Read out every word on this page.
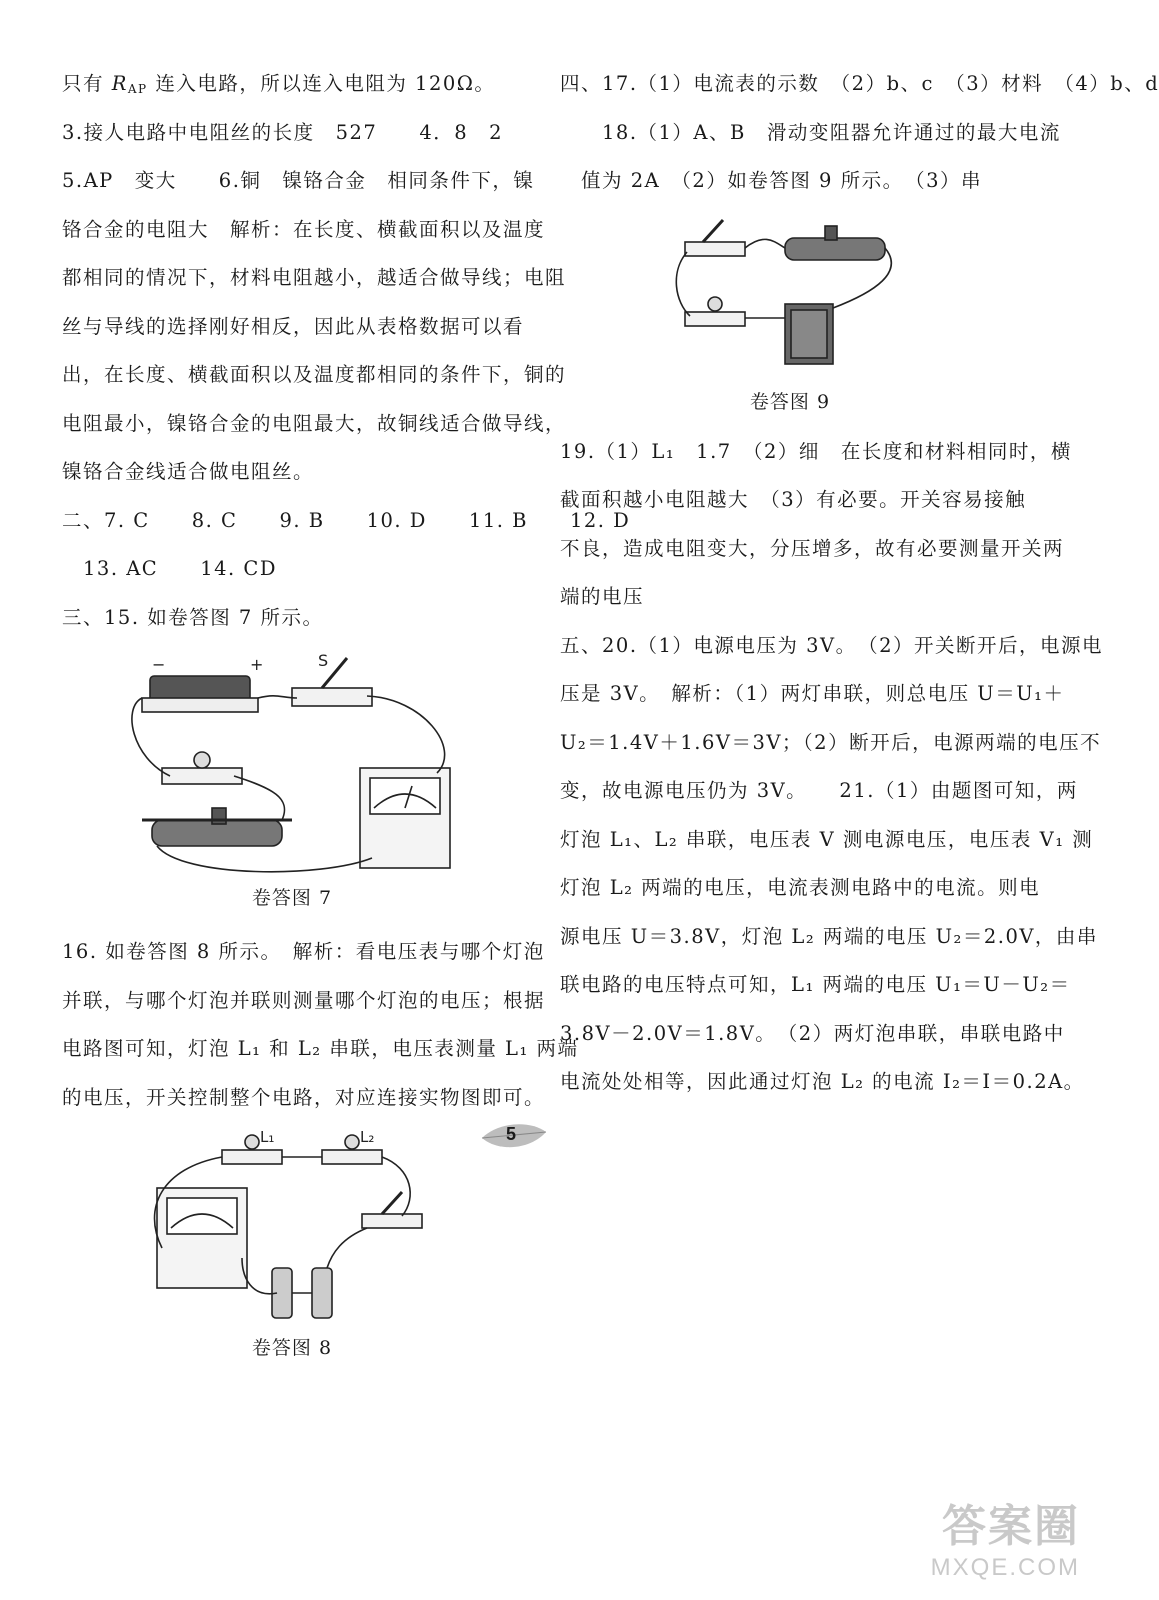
只有 $R_{AP}$ 连入电路，所以连入电阻为 120Ω。
3.接人电路中电阻丝的长度　527　　4．8　2
5.AP　变大　　6.铜　镍铬合金　相同条件下，镍
铬合金的电阻大　解析：在长度、横截面积以及温度
都相同的情况下，材料电阻越小，越适合做导线；电阻
丝与导线的选择刚好相反，因此从表格数据可以看
出，在长度、横截面积以及温度都相同的条件下，铜的
电阻最小，镍铬合金的电阻最大，故铜线适合做导线，
镍铬合金线适合做电阻丝。
二、7. C　　8. C　　9. B　　10. D　　11. B　　12. D
　13. AC　　14. CD
三、15. 如卷答图 7 所示。
−	+	S
卷答图 7
16. 如卷答图 8 所示。　解析：看电压表与哪个灯泡
并联，与哪个灯泡并联则测量哪个灯泡的电压；根据
电路图可知，灯泡 L₁ 和 L₂ 串联，电压表测量 L₁ 两端
的电压，开关控制整个电路，对应连接实物图即可。
L₁	L₂
卷答图 8
四、17.（1）电流表的示数　（2）b、c　（3）材料　（4）b、d
　　18.（1）A、B　滑动变阻器允许通过的最大电流
　值为 2A　（2）如卷答图 9 所示。　（3）串
卷答图 9
19.（1）L₁　1.7　（2）细　在长度和材料相同时，横
截面积越小电阻越大　（3）有必要。开关容易接触
不良，造成电阻变大，分压增多，故有必要测量开关两
端的电压
五、20.（1）电源电压为 3V。　（2）开关断开后，电源电
压是 3V。　解析：（1）两灯串联，则总电压 U＝U₁＋
U₂＝1.4V＋1.6V＝3V；（2）断开后，电源两端的电压不
变，故电源电压仍为 3V。　　21.（1）由题图可知，两
灯泡 L₁、L₂ 串联，电压表 V 测电源电压，电压表 V₁ 测
灯泡 L₂ 两端的电压，电流表测电路中的电流。则电
源电压 U＝3.8V，灯泡 L₂ 两端的电压 U₂＝2.0V，由串
联电路的电压特点可知，L₁ 两端的电压 U₁＝U－U₂＝
3.8V－2.0V＝1.8V。　（2）两灯泡串联，串联电路中
电流处处相等，因此通过灯泡 L₂ 的电流 I₂＝I＝0.2A。
5
答案圈
MXQE.COM
